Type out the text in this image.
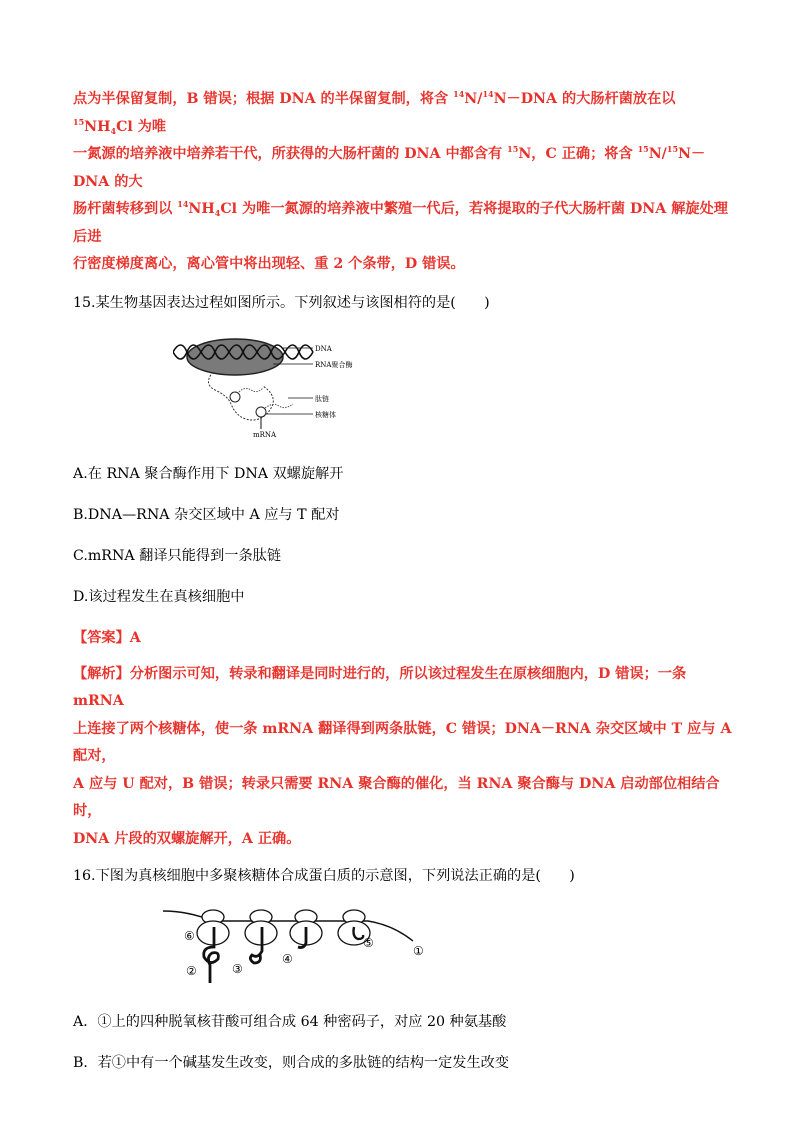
点为半保留复制，B 错误；根据 DNA 的半保留复制，将含 $^{14}$N/$^{14}$N－DNA 的大肠杆菌放在以 $^{15}NH_4Cl$ 为唯

一氮源的培养液中培养若干代，所获得的大肠杆菌的 DNA 中都含有 $^{15}$N，C 正确；将含 $^{15}$N/$^{15}$N－DNA 的大

肠杆菌转移到以 $^{14}NH_4Cl$ 为唯一氮源的培养液中繁殖一代后，若将提取的子代大肠杆菌 DNA 解旋处理后进

行密度梯度离心，离心管中将出现轻、重 2 个条带，D 错误。

15.某生物基因表达过程如图所示。下列叙述与该图相符的是(　　)

DNA
RNA聚合酶
肽链
核糖体
mRNA

A.在 RNA 聚合酶作用下 DNA 双螺旋解开

B.DNA—RNA 杂交区域中 A 应与 T 配对

C.mRNA 翻译只能得到一条肽链

D.该过程发生在真核细胞中

【答案】A

【解析】分析图示可知，转录和翻译是同时进行的，所以该过程发生在原核细胞内，D 错误；一条 mRNA

上连接了两个核糖体，使一条 mRNA 翻译得到两条肽链，C 错误；DNA－RNA 杂交区域中 T 应与 A 配对，

A 应与 U 配对，B 错误；转录只需要 RNA 聚合酶的催化，当 RNA 聚合酶与 DNA 启动部位相结合时，

DNA 片段的双螺旋解开，A 正确。

16.下图为真核细胞中多聚核糖体合成蛋白质的示意图，下列说法正确的是(　　)

⑥
②	③
④
⑤
①

A．①上的四种脱氧核苷酸可组合成 64 种密码子，对应 20 种氨基酸

B．若①中有一个碱基发生改变，则合成的多肽链的结构一定发生改变
